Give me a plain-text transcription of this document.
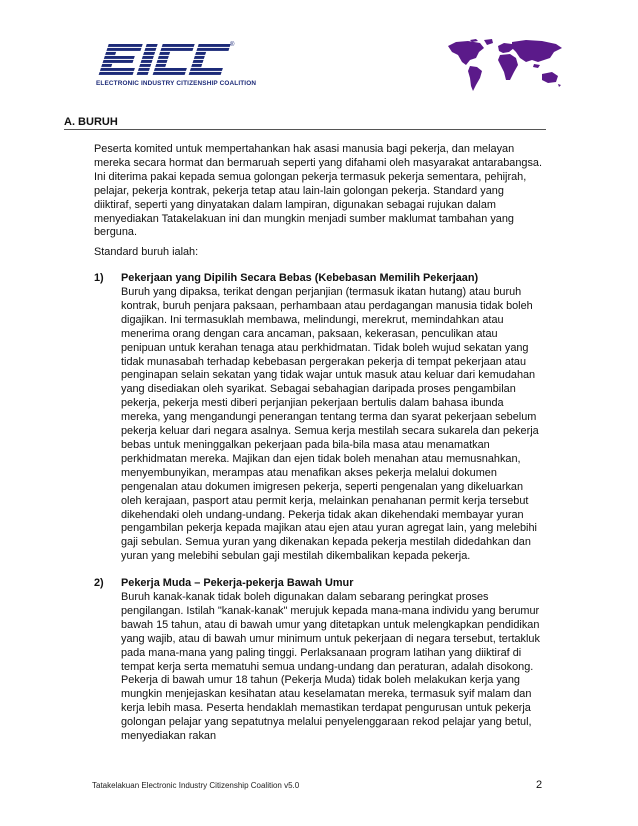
®
ELECTRONIC INDUSTRY CITIZENSHIP COALITION
A. BURUH
Peserta komited untuk mempertahankan hak asasi manusia bagi pekerja, dan melayan mereka secara hormat dan bermaruah seperti yang difahami oleh masyarakat antarabangsa. Ini diterima pakai kepada semua golongan pekerja termasuk pekerja sementara, pehijrah, pelajar, pekerja kontrak, pekerja tetap atau lain-lain golongan pekerja. Standard yang diiktiraf, seperti yang dinyatakan dalam lampiran, digunakan sebagai rujukan dalam menyediakan Tatakelakuan ini dan mungkin menjadi sumber maklumat tambahan yang berguna.
Standard buruh ialah:
1) Pekerjaan yang Dipilih Secara Bebas (Kebebasan Memilih Pekerjaan)
Buruh yang dipaksa, terikat dengan perjanjian (termasuk ikatan hutang) atau buruh kontrak, buruh penjara paksaan, perhambaan atau perdagangan manusia tidak boleh digajikan. Ini termasuklah membawa, melindungi, merekrut, memindahkan atau menerima orang dengan cara ancaman, paksaan, kekerasan, penculikan atau penipuan untuk kerahan tenaga atau perkhidmatan. Tidak boleh wujud sekatan yang tidak munasabah terhadap kebebasan pergerakan pekerja di tempat pekerjaan atau penginapan selain sekatan yang tidak wajar untuk masuk atau keluar dari kemudahan yang disediakan oleh syarikat. Sebagai sebahagian daripada proses pengambilan pekerja, pekerja mesti diberi perjanjian pekerjaan bertulis dalam bahasa ibunda mereka, yang mengandungi penerangan tentang terma dan syarat pekerjaan sebelum pekerja keluar dari negara asalnya. Semua kerja mestilah secara sukarela dan pekerja bebas untuk meninggalkan pekerjaan pada bila-bila masa atau menamatkan perkhidmatan mereka. Majikan dan ejen tidak boleh menahan atau memusnahkan, menyembunyikan, merampas atau menafikan akses pekerja melalui dokumen pengenalan atau dokumen imigresen pekerja, seperti pengenalan yang dikeluarkan oleh kerajaan, pasport atau permit kerja, melainkan penahanan permit kerja tersebut dikehendaki oleh undang-undang. Pekerja tidak akan dikehendaki membayar yuran pengambilan pekerja kepada majikan atau ejen atau yuran agregat lain, yang melebihi gaji sebulan. Semua yuran yang dikenakan kepada pekerja mestilah didedahkan dan yuran yang melebihi sebulan gaji mestilah dikembalikan kepada pekerja.
2) Pekerja Muda – Pekerja-pekerja Bawah Umur
Buruh kanak-kanak tidak boleh digunakan dalam sebarang peringkat proses pengilangan. Istilah "kanak-kanak" merujuk kepada mana-mana individu yang berumur bawah 15 tahun, atau di bawah umur yang ditetapkan untuk melengkapkan pendidikan yang wajib, atau di bawah umur minimum untuk pekerjaan di negara tersebut, tertakluk pada mana-mana yang paling tinggi. Perlaksanaan program latihan yang diiktiraf di tempat kerja serta mematuhi semua undang-undang dan peraturan, adalah disokong. Pekerja di bawah umur 18 tahun (Pekerja Muda) tidak boleh melakukan kerja yang mungkin menjejaskan kesihatan atau keselamatan mereka, termasuk syif malam dan kerja lebih masa. Peserta hendaklah memastikan terdapat pengurusan untuk pekerja golongan pelajar yang sepatutnya melalui penyelenggaraan rekod pelajar yang betul, menyediakan rakan
Tatakelakuan Electronic Industry Citizenship Coalition v5.0	2
